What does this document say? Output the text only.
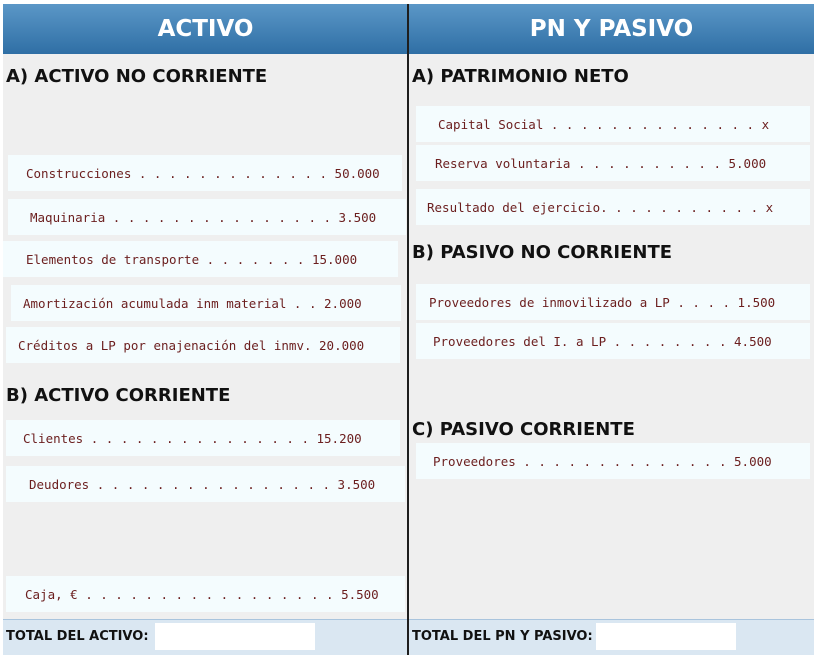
ACTIVO
A) ACTIVO NO CORRIENTE
Construcciones . . . . . . . . . . . . . 50.000
Maquinaria . . . . . . . . . . . . . . . 3.500
Elementos de transporte . . . . . . . 15.000
Amortización acumulada inm material . . 2.000
Créditos a LP por enajenación del inmv. 20.000
B) ACTIVO CORRIENTE
Clientes . . . . . . . . . . . . . . . 15.200
Deudores . . . . . . . . . . . . . . . . 3.500
Caja, € . . . . . . . . . . . . . . . . . 5.500
TOTAL DEL ACTIVO:
PN Y PASIVO
A) PATRIMONIO NETO
Capital Social . . . . . . . . . . . . . . x
Reserva voluntaria . . . . . . . . . . 5.000
Resultado del ejercicio. . . . . . . . . . . x
B) PASIVO NO CORRIENTE
Proveedores de inmovilizado a LP . . . . 1.500
Proveedores del I. a LP . . . . . . . . 4.500
C) PASIVO CORRIENTE
Proveedores . . . . . . . . . . . . . . 5.000
TOTAL DEL PN Y PASIVO:
